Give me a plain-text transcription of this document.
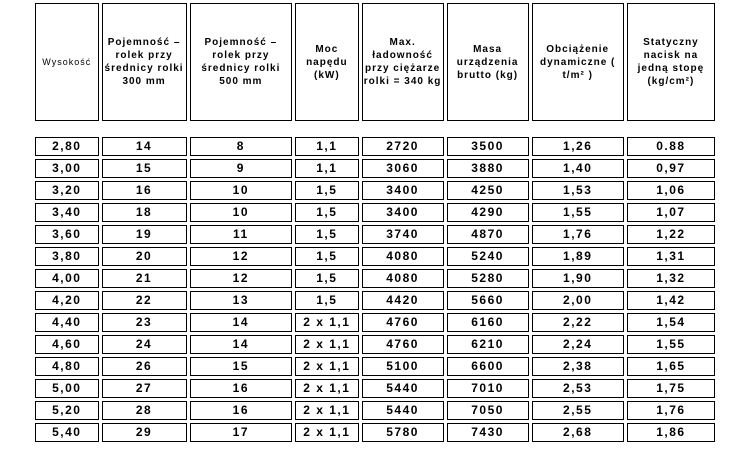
Wysokość	Pojemność – rolek przy średnicy rolki 300 mm	Pojemność – rolek przy średnicy rolki 500 mm	Moc napędu (kW)	Max. ładowność przy ciężarze rolki = 340 kg	Masa urządzenia brutto (kg)	Obciążenie dynamiczne ( t/m² )	Statyczny nacisk na jedną stopę (kg/cm²)

2,80	14	8	1,1	2720	3500	1,26	0.88
3,00	15	9	1,1	3060	3880	1,40	0,97
3,20	16	10	1,5	3400	4250	1,53	1,06
3,40	18	10	1,5	3400	4290	1,55	1,07
3,60	19	11	1,5	3740	4870	1,76	1,22
3,80	20	12	1,5	4080	5240	1,89	1,31
4,00	21	12	1,5	4080	5280	1,90	1,32
4,20	22	13	1,5	4420	5660	2,00	1,42
4,40	23	14	2 x 1,1	4760	6160	2,22	1,54
4,60	24	14	2 x 1,1	4760	6210	2,24	1,55
4,80	26	15	2 x 1,1	5100	6600	2,38	1,65
5,00	27	16	2 x 1,1	5440	7010	2,53	1,75
5,20	28	16	2 x 1,1	5440	7050	2,55	1,76
5,40	29	17	2 x 1,1	5780	7430	2,68	1,86
